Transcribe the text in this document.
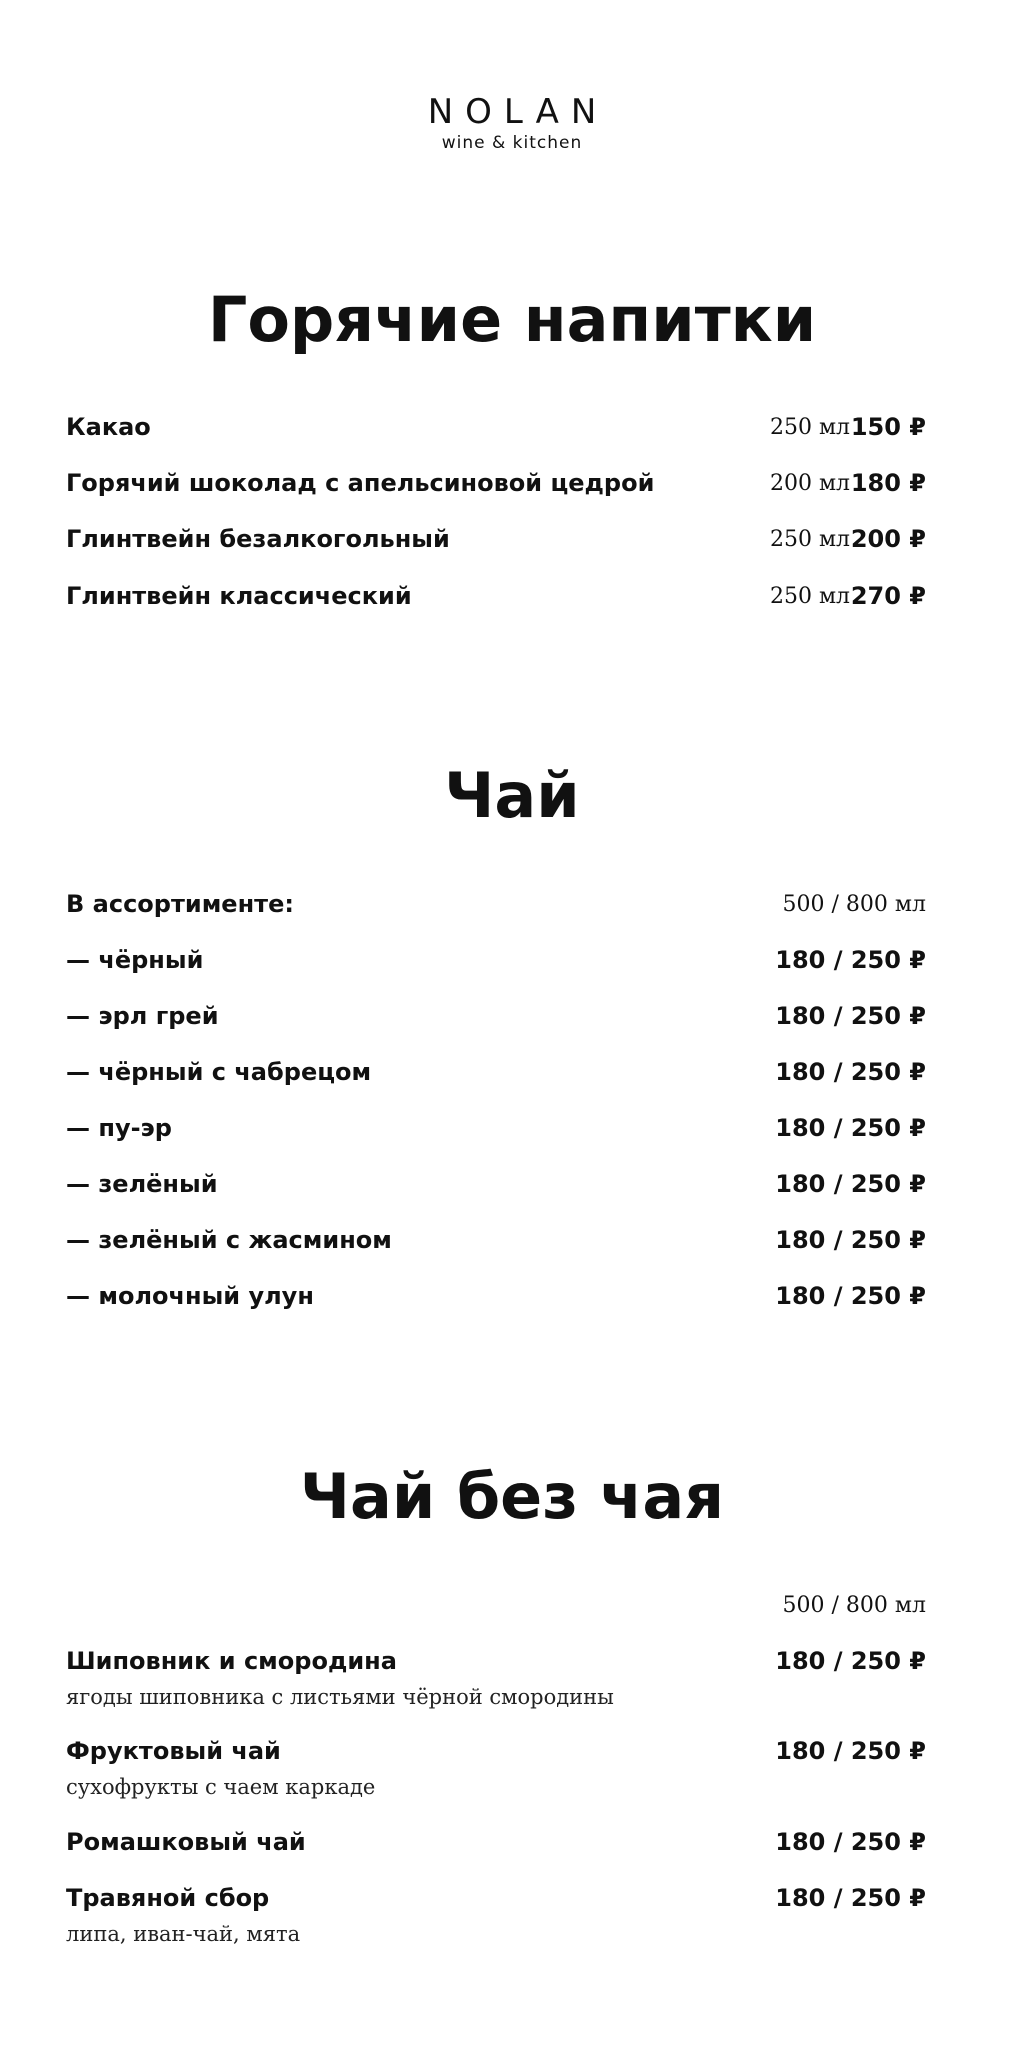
NOLAN
wine & kitchen
Горячие напитки
Какао	250 мл 150 ₽
Горячий шоколад с апельсиновой цедрой	200 мл 180 ₽
Глинтвейн безалкогольный	250 мл 200 ₽
Глинтвейн классический	250 мл 270 ₽
Чай
В ассортименте:	500 / 800 мл
— чёрный	180 / 250 ₽
— эрл грей	180 / 250 ₽
— чёрный с чабрецом	180 / 250 ₽
— пу-эр	180 / 250 ₽
— зелёный	180 / 250 ₽
— зелёный с жасмином	180 / 250 ₽
— молочный улун	180 / 250 ₽
Чай без чая
500 / 800 мл
Шиповник и смородина	180 / 250 ₽
ягоды шиповника с листьями чёрной смородины
Фруктовый чай	180 / 250 ₽
сухофрукты с чаем каркаде
Ромашковый чай	180 / 250 ₽
Травяной сбор	180 / 250 ₽
липа, иван-чай, мята
